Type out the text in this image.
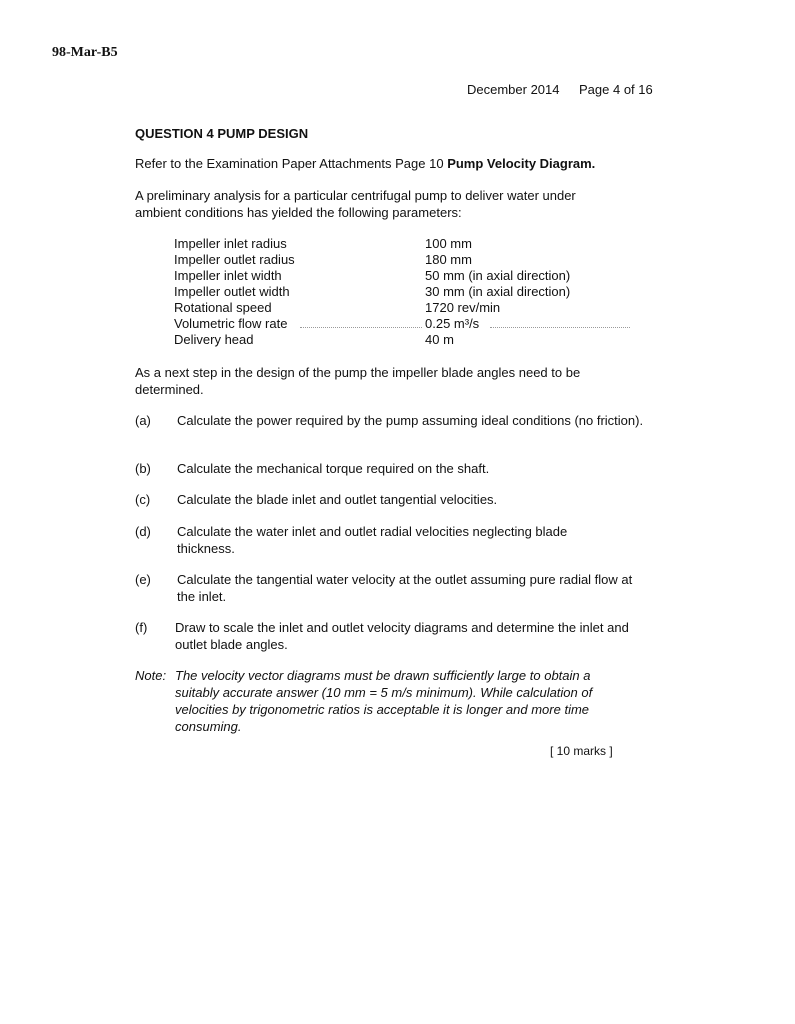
98-Mar-B5
December 2014 Page 4 of 16
QUESTION 4 PUMP DESIGN
Refer to the Examination Paper Attachments Page 10 Pump Velocity Diagram.
A preliminary analysis for a particular centrifugal pump to deliver water under ambient conditions has yielded the following parameters:
Impeller inlet radius	100 mm
Impeller outlet radius	180 mm
Impeller inlet width	50 mm (in axial direction)
Impeller outlet width	30 mm (in axial direction)
Rotational speed	1720 rev/min
Volumetric flow rate	0.25 m³/s
Delivery head	40 m
As a next step in the design of the pump the impeller blade angles need to be determined.
(a) Calculate the power required by the pump assuming ideal conditions (no friction).
(b) Calculate the mechanical torque required on the shaft.
(c) Calculate the blade inlet and outlet tangential velocities.
(d) Calculate the water inlet and outlet radial velocities neglecting blade thickness.
(e) Calculate the tangential water velocity at the outlet assuming pure radial flow at the inlet.
(f) Draw to scale the inlet and outlet velocity diagrams and determine the inlet and outlet blade angles.
Note: The velocity vector diagrams must be drawn sufficiently large to obtain a suitably accurate answer (10 mm = 5 m/s minimum). While calculation of velocities by trigonometric ratios is acceptable it is longer and more time consuming.
[ 10 marks ]
